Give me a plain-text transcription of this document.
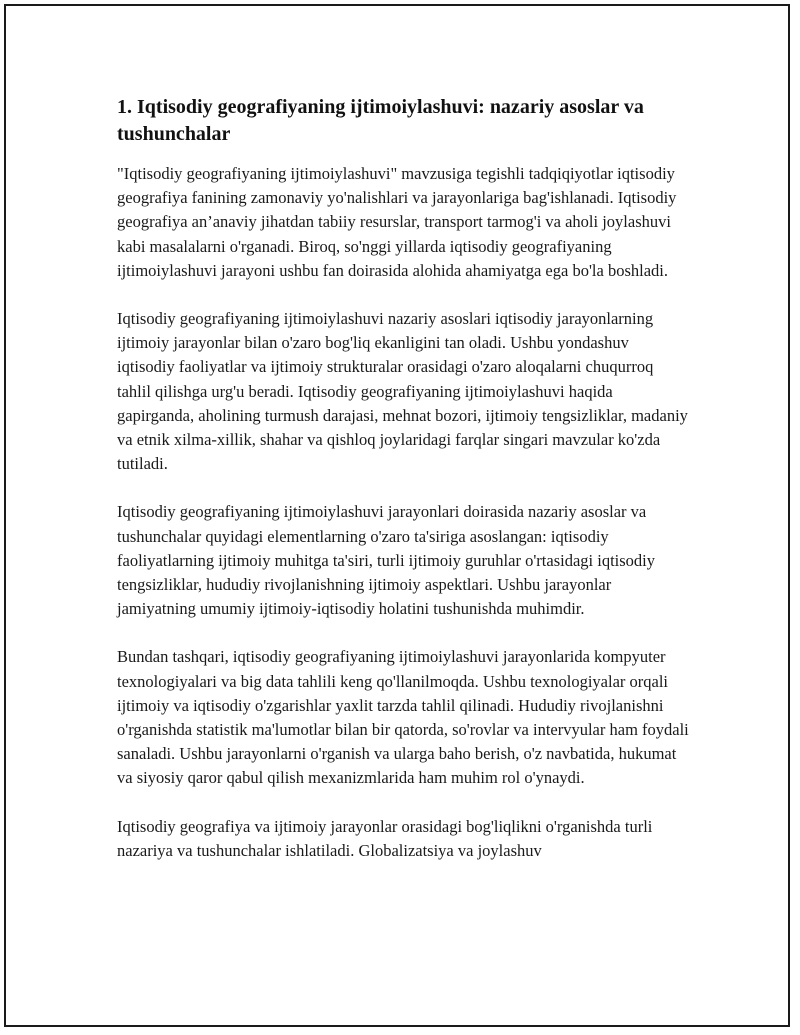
1. Iqtisodiy geografiyaning ijtimoiylashuvi: nazariy asoslar va tushunchalar

"Iqtisodiy geografiyaning ijtimoiylashuvi" mavzusiga tegishli tadqiqiyotlar iqtisodiy geografiya fanining zamonaviy yo'nalishlari va jarayonlariga bag'ishlanadi. Iqtisodiy geografiya an’anaviy jihatdan tabiiy resurslar, transport tarmog'i va aholi joylashuvi kabi masalalarni o'rganadi. Biroq, so'nggi yillarda iqtisodiy geografiyaning ijtimoiylashuvi jarayoni ushbu fan doirasida alohida ahamiyatga ega bo'la boshladi.

Iqtisodiy geografiyaning ijtimoiylashuvi nazariy asoslari iqtisodiy jarayonlarning ijtimoiy jarayonlar bilan o'zaro bog'liq ekanligini tan oladi. Ushbu yondashuv iqtisodiy faoliyatlar va ijtimoiy strukturalar orasidagi o'zaro aloqalarni chuqurroq tahlil qilishga urg'u beradi. Iqtisodiy geografiyaning ijtimoiylashuvi haqida gapirganda, aholining turmush darajasi, mehnat bozori, ijtimoiy tengsizliklar, madaniy va etnik xilma-xillik, shahar va qishloq joylaridagi farqlar singari mavzular ko'zda tutiladi.

Iqtisodiy geografiyaning ijtimoiylashuvi jarayonlari doirasida nazariy asoslar va tushunchalar quyidagi elementlarning o'zaro ta'siriga asoslangan: iqtisodiy faoliyatlarning ijtimoiy muhitga ta'siri, turli ijtimoiy guruhlar o'rtasidagi iqtisodiy tengsizliklar, hududiy rivojlanishning ijtimoiy aspektlari. Ushbu jarayonlar jamiyatning umumiy ijtimoiy-iqtisodiy holatini tushunishda muhimdir.

Bundan tashqari, iqtisodiy geografiyaning ijtimoiylashuvi jarayonlarida kompyuter texnologiyalari va big data tahlili keng qo'llanilmoqda. Ushbu texnologiyalar orqali ijtimoiy va iqtisodiy o'zgarishlar yaxlit tarzda tahlil qilinadi. Hududiy rivojlanishni o'rganishda statistik ma'lumotlar bilan bir qatorda, so'rovlar va intervyular ham foydali sanaladi. Ushbu jarayonlarni o'rganish va ularga baho berish, o'z navbatida, hukumat va siyosiy qaror qabul qilish mexanizmlarida ham muhim rol o'ynaydi.

Iqtisodiy geografiya va ijtimoiy jarayonlar orasidagi bog'liqlikni o'rganishda turli nazariya va tushunchalar ishlatiladi. Globalizatsiya va joylashuv
